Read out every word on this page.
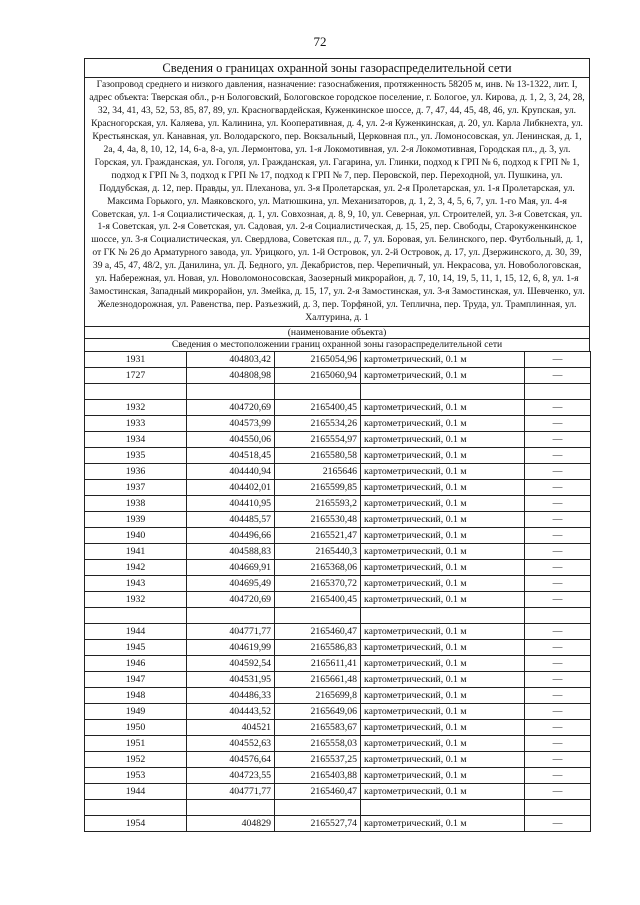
72
Сведения о границах охранной зоны газораспределительной сети
Газопровод среднего и низкого давления, назначение: газоснабжения, протяженность 58205 м, инв. № 13-1322, лит. I, адрес объекта: Тверская обл., р-н Бологовский, Бологовское городское поселение, г. Бологое, ул. Кирова, д. 1, 2, 3, 24, 28, 32, 34, 41, 43, 52, 53, 85, 87, 89, ул. Красногвардейская, Куженкинское шоссе, д. 7, 47, 44, 45, 48, 46, ул. Крупская, ул. Красногорская, ул. Каляева, ул. Калинина, ул. Кооперативная, д. 4, ул. 2-я Куженкинская, д. 20, ул. Карла Либкнехта, ул. Крестьянская, ул. Канавная, ул. Володарского, пер. Вокзальный, Церковная пл., ул. Ломоносовская, ул. Ленинская, д. 1, 2а, 4, 4а, 8, 10, 12, 14, 6-а, 8-а, ул. Лермонтова, ул. 1-я Локомотивная, ул. 2-я Локомотивная, Городская пл., д. 3, ул. Горская, ул. Гражданская, ул. Гоголя, ул. Гражданская, ул. Гагарина, ул. Глинки, подход к ГРП № 6, подход к ГРП № 1, подход к ГРП № 3, подход к ГРП № 17, подход к ГРП № 7, пер. Перовской, пер. Переходной, ул. Пушкина, ул. Поддубская, д. 12, пер. Правды, ул. Плеханова, ул. 3-я Пролетарская, ул. 2-я Пролетарская, ул. 1-я Пролетарская, ул. Максима Горького, ул. Маяковского, ул. Матюшкина, ул. Механизаторов, д. 1, 2, 3, 4, 5, 6, 7, ул. 1-го Мая, ул. 4-я Советская, ул. 1-я Социалистическая, д. 1, ул. Совхозная, д. 8, 9, 10, ул. Северная, ул. Строителей, ул. 3-я Советская, ул. 1-я Советская, ул. 2-я Советская, ул. Садовая, ул. 2-я Социалистическая, д. 15, 25, пер. Свободы, Старокуженкинское шоссе, ул. 3-я Социалистическая, ул. Свердлова, Советская пл., д. 7, ул. Боровая, ул. Белинского, пер. Футбольный, д. 1, от ГК № 26 до Арматурного завода, ул. Урицкого, ул. 1-й Островок, ул. 2-й Островок, д. 17, ул. Дзержинского, д. 30, 39, 39 а, 45, 47, 48/2, ул. Данилина, ул. Д. Бедного, ул. Декабристов, пер. Черепичный, ул. Некрасова, ул. Новобологовская, ул. Набережная, ул. Новая, ул. Новоломоносовская, Заозерный микрорайон, д. 7, 10, 14, 19, 5, 11, 1, 15, 12, 6, 8, ул. 1-я Замостинская, Западный микрорайон, ул. Змейка, д. 15, 17, ул. 2-я Замостинская, ул. 3-я Замостинская, ул. Шевченко, ул. Железнодорожная, ул. Равенства, пер. Разъезжий, д. 3, пер. Торфяной, ул. Теплична, пер. Труда, ул. Трамплинная, ул. Халтурина, д. 1
(наименование объекта)
Сведения о местоположении границ охранной зоны газораспределительной сети
1931	404803,42	2165054,96	картометрический, 0.1 м	—
1727	404808,98	2165060,94	картометрический, 0.1 м	—

1932	404720,69	2165400,45	картометрический, 0.1 м	—
1933	404573,99	2165534,26	картометрический, 0.1 м	—
1934	404550,06	2165554,97	картометрический, 0.1 м	—
1935	404518,45	2165580,58	картометрический, 0.1 м	—
1936	404440,94	2165646	картометрический, 0.1 м	—
1937	404402,01	2165599,85	картометрический, 0.1 м	—
1938	404410,95	2165593,2	картометрический, 0.1 м	—
1939	404485,57	2165530,48	картометрический, 0.1 м	—
1940	404496,66	2165521,47	картометрический, 0.1 м	—
1941	404588,83	2165440,3	картометрический, 0.1 м	—
1942	404669,91	2165368,06	картометрический, 0.1 м	—
1943	404695,49	2165370,72	картометрический, 0.1 м	—
1932	404720,69	2165400,45	картометрический, 0.1 м	—

1944	404771,77	2165460,47	картометрический, 0.1 м	—
1945	404619,99	2165586,83	картометрический, 0.1 м	—
1946	404592,54	2165611,41	картометрический, 0.1 м	—
1947	404531,95	2165661,48	картометрический, 0.1 м	—
1948	404486,33	2165699,8	картометрический, 0.1 м	—
1949	404443,52	2165649,06	картометрический, 0.1 м	—
1950	404521	2165583,67	картометрический, 0.1 м	—
1951	404552,63	2165558,03	картометрический, 0.1 м	—
1952	404576,64	2165537,25	картометрический, 0.1 м	—
1953	404723,55	2165403,88	картометрический, 0.1 м	—
1944	404771,77	2165460,47	картометрический, 0.1 м	—

1954	404829	2165527,74	картометрический, 0.1 м	—
